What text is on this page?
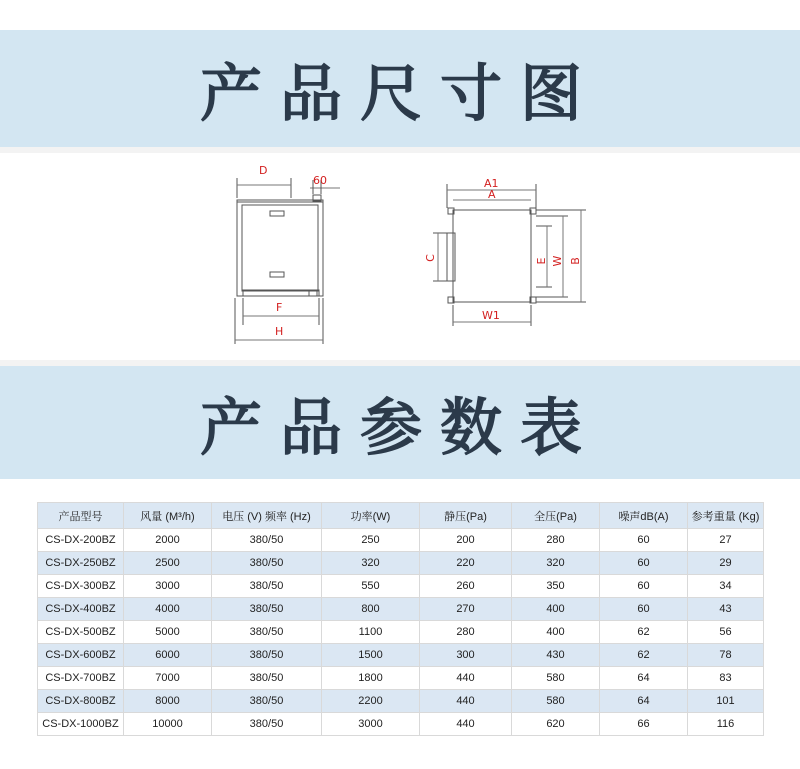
产品尺寸图
D
60
F
H
A1
A
C	E W B
W1
产品参数表
产品型号	风量 (M³/h)	电压 (V) 频率 (Hz)	功率(W)	静压(Pa)	全压(Pa)	噪声dB(A)	参考重量 (Kg)
CS-DX-200BZ	2000	380/50	250	200	280	60	27
CS-DX-250BZ	2500	380/50	320	220	320	60	29
CS-DX-300BZ	3000	380/50	550	260	350	60	34
CS-DX-400BZ	4000	380/50	800	270	400	60	43
CS-DX-500BZ	5000	380/50	1100	280	400	62	56
CS-DX-600BZ	6000	380/50	1500	300	430	62	78
CS-DX-700BZ	7000	380/50	1800	440	580	64	83
CS-DX-800BZ	8000	380/50	2200	440	580	64	101
CS-DX-1000BZ	10000	380/50	3000	440	620	66	116
